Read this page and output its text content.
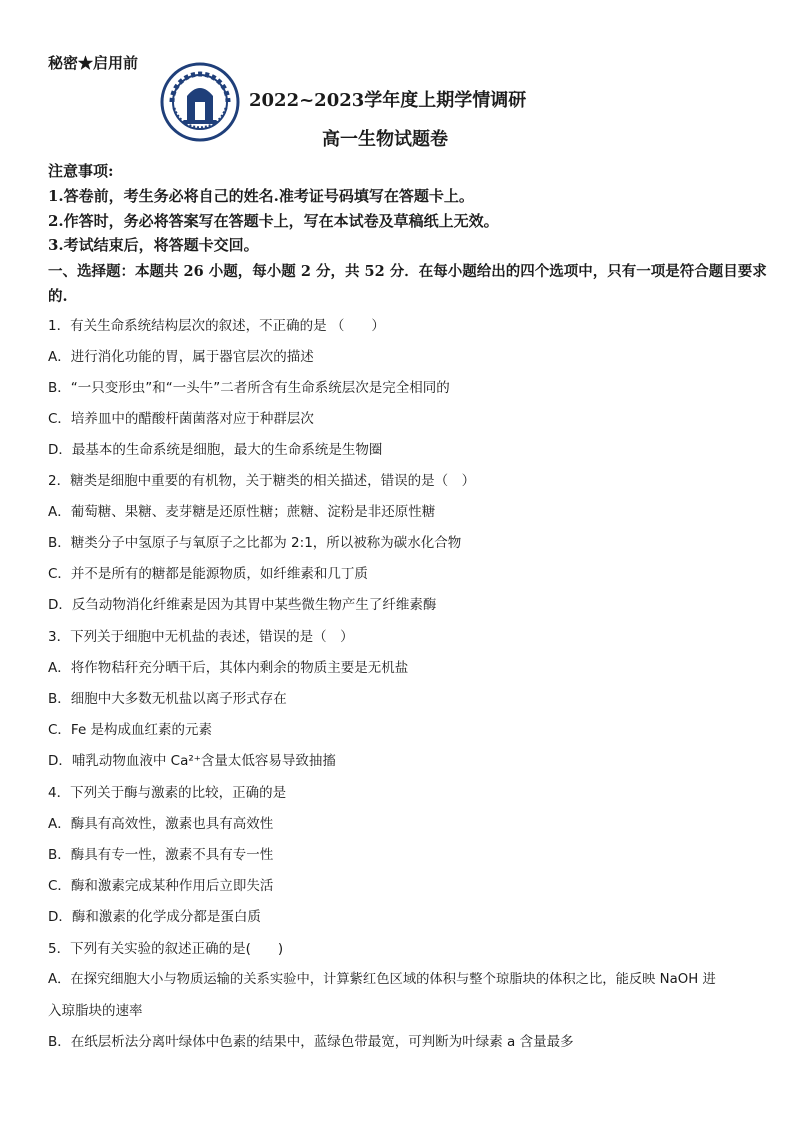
秘密★启用前
2022~2023学年度上期学情调研
高一生物试题卷
注意事项:
1.答卷前，考生务必将自己的姓名.准考证号码填写在答题卡上。
2.作答时，务必将答案写在答题卡上，写在本试卷及草稿纸上无效。
3.考试结束后，将答题卡交回。
一、选择题：本题共 26 小题，每小题 2 分，共 52 分．在每小题给出的四个选项中，只有一项是符合题目要求
的.
1．有关生命系统结构层次的叙述，不正确的是 （　　）
A．进行消化功能的胃，属于器官层次的描述
B．“一只变形虫”和“一头牛”二者所含有生命系统层次是完全相同的
C．培养皿中的醋酸杆菌菌落对应于种群层次
D．最基本的生命系统是细胞，最大的生命系统是生物圈
2．糖类是细胞中重要的有机物，关于糖类的相关描述，错误的是（　）
A．葡萄糖、果糖、麦芽糖是还原性糖；蔗糖、淀粉是非还原性糖
B．糖类分子中氢原子与氧原子之比都为 2:1，所以被称为碳水化合物
C．并不是所有的糖都是能源物质，如纤维素和几丁质
D．反刍动物消化纤维素是因为其胃中某些微生物产生了纤维素酶
3．下列关于细胞中无机盐的表述，错误的是（　）
A．将作物秸秆充分晒干后，其体内剩余的物质主要是无机盐
B．细胞中大多数无机盐以离子形式存在
C．Fe 是构成血红素的元素
D．哺乳动物血液中 Ca²⁺含量太低容易导致抽搐
4．下列关于酶与激素的比较，正确的是
A．酶具有高效性，激素也具有高效性
B．酶具有专一性，激素不具有专一性
C．酶和激素完成某种作用后立即失活
D．酶和激素的化学成分都是蛋白质
5．下列有关实验的叙述正确的是(　　)
A．在探究细胞大小与物质运输的关系实验中，计算紫红色区域的体积与整个琼脂块的体积之比，能反映 NaOH 进
入琼脂块的速率
B．在纸层析法分离叶绿体中色素的结果中，蓝绿色带最宽，可判断为叶绿素 a 含量最多
